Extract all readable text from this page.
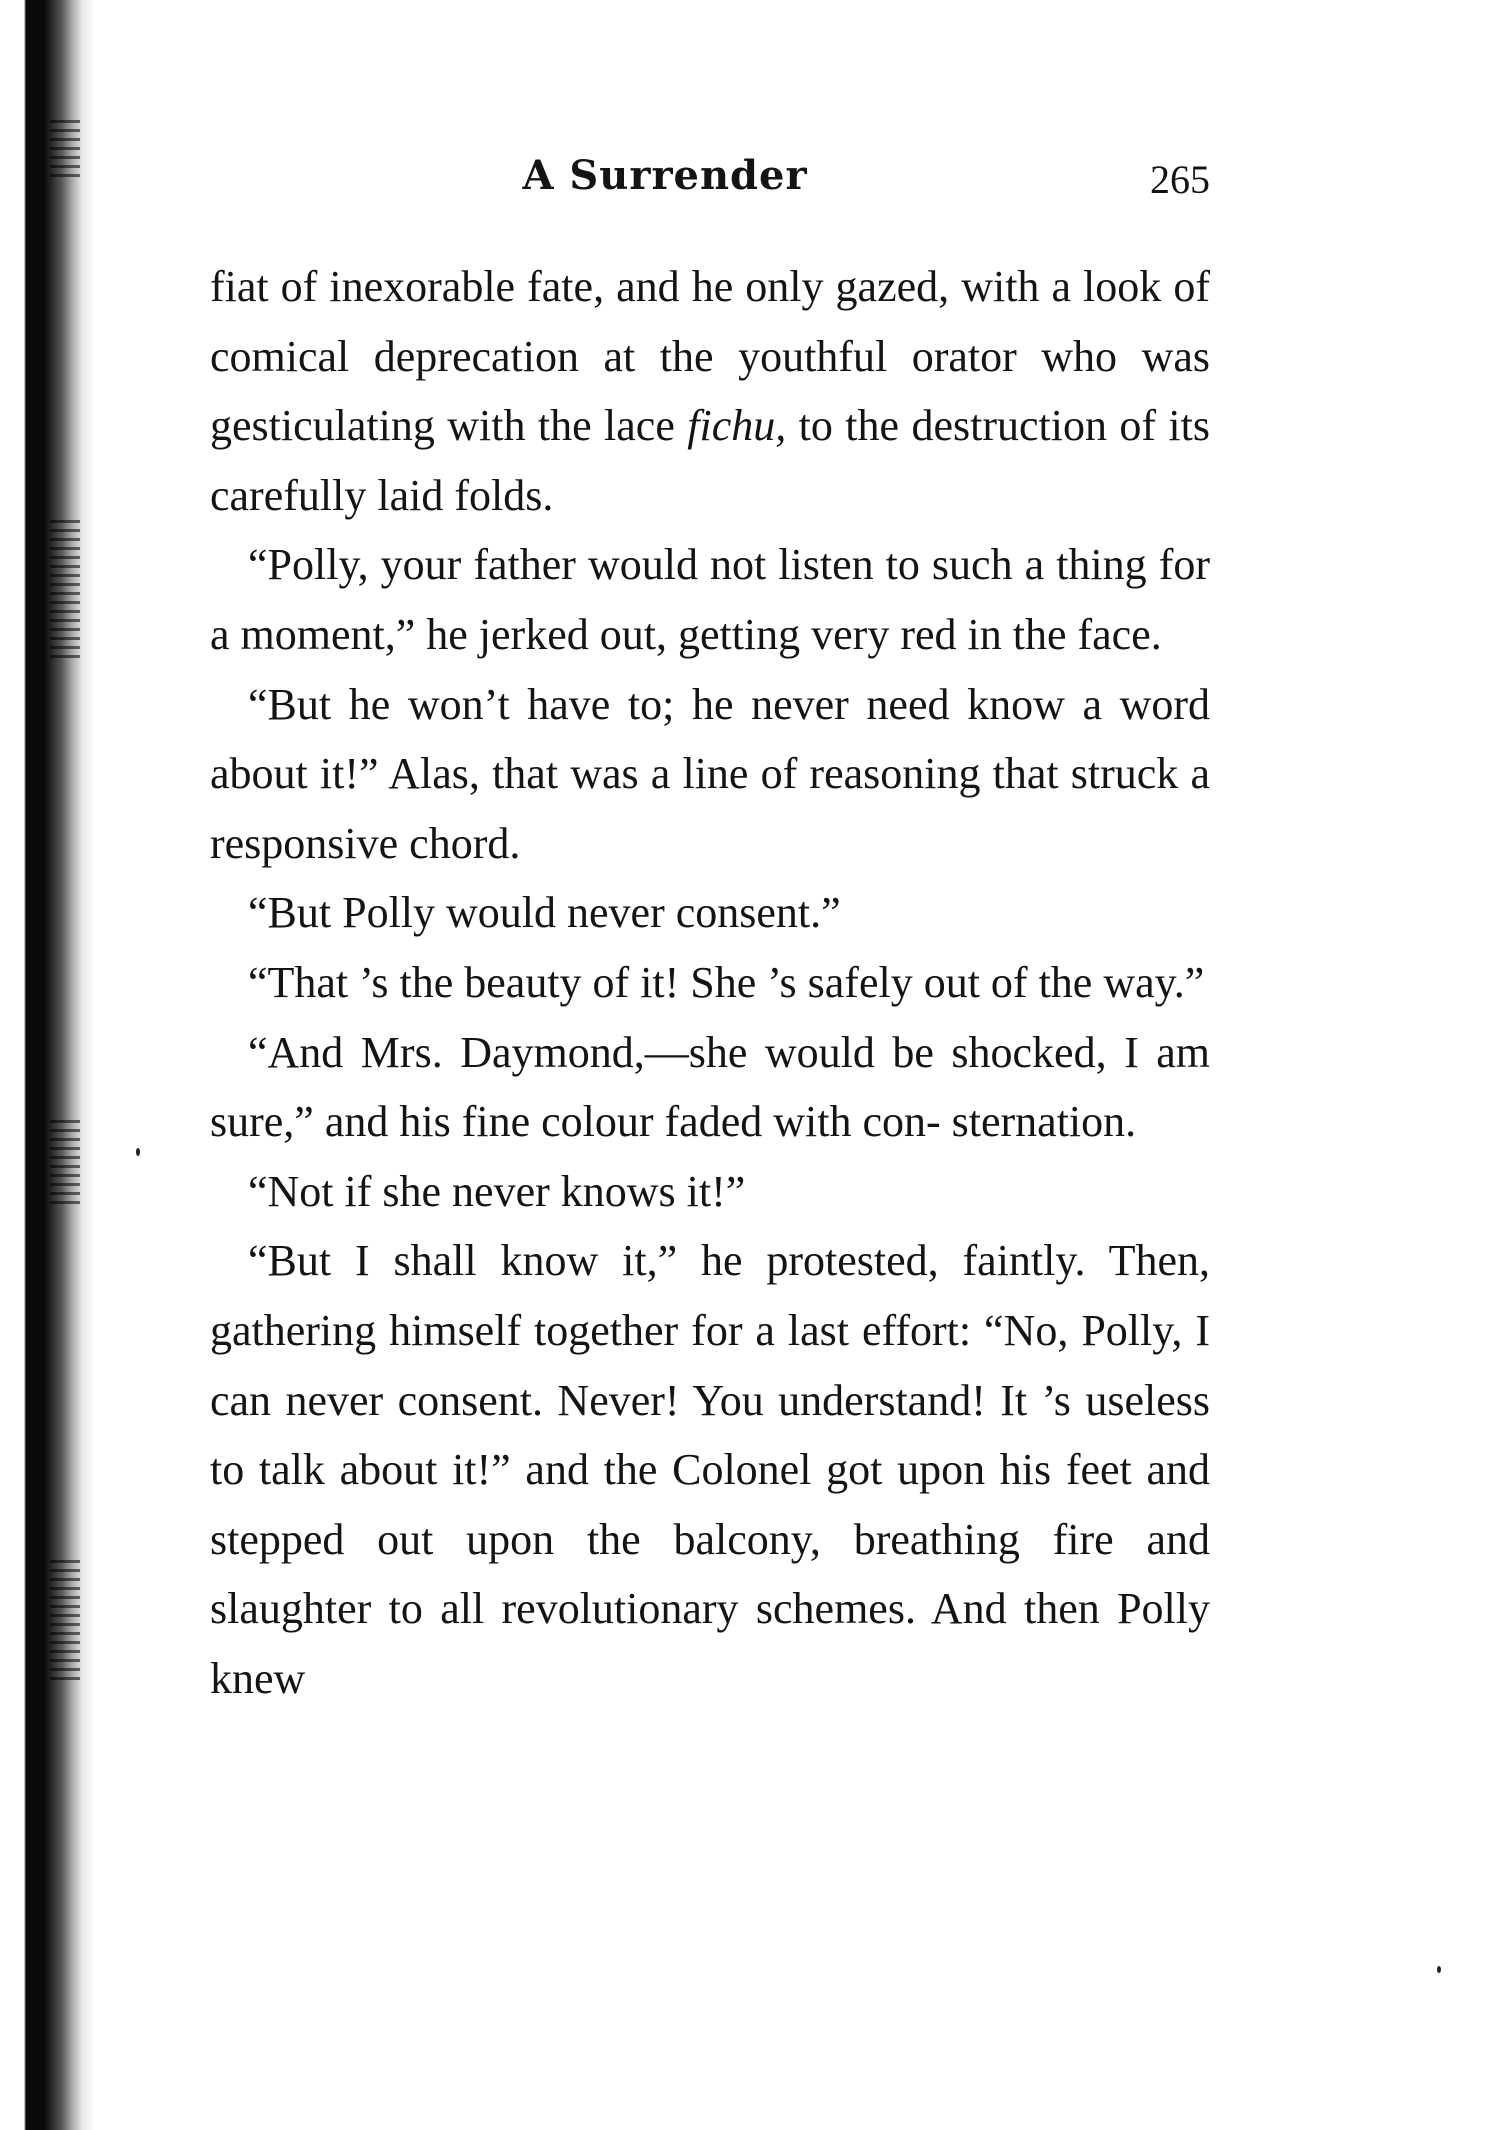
A Surrender	265

fiat of inexorable fate, and he only gazed, with a look of comical deprecation at the youthful orator who was gesticulating with the lace fichu, to the destruction of its carefully laid folds.

“Polly, your father would not listen to such a thing for a moment,” he jerked out, getting very red in the face.

“But he won’t have to; he never need know a word about it!” Alas, that was a line of reasoning that struck a responsive chord.

“But Polly would never consent.”

“That ’s the beauty of it! She ’s safely out of the way.”

“And Mrs. Daymond,—she would be shocked, I am sure,” and his fine colour faded with con- sternation.

“Not if she never knows it!”

“But I shall know it,” he protested, faintly. Then, gathering himself together for a last effort: “No, Polly, I can never consent. Never! You understand! It ’s useless to talk about it!” and the Colonel got upon his feet and stepped out upon the balcony, breathing fire and slaughter to all revolutionary schemes. And then Polly knew
